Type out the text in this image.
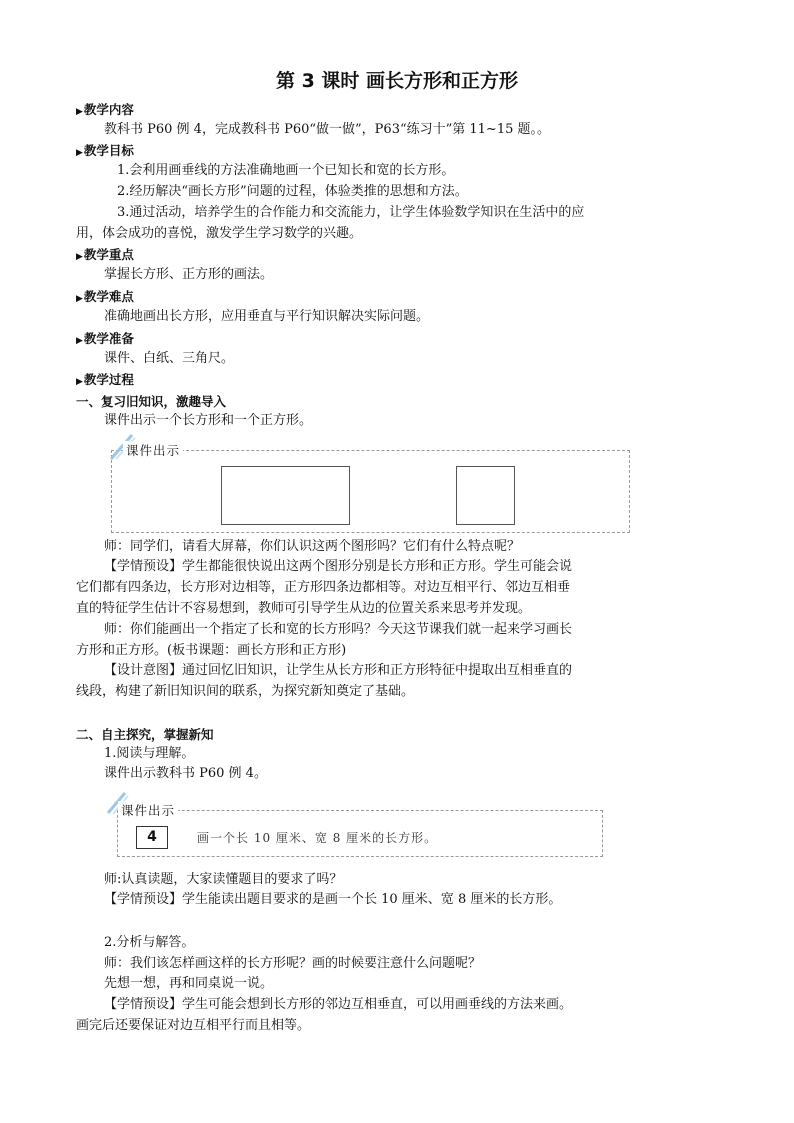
第 3 课时 画长方形和正方形
▶教学内容
教科书 P60 例 4，完成教科书 P60“做一做”，P63“练习十”第 11~15 题。。
▶教学目标
1.会利用画垂线的方法准确地画一个已知长和宽的长方形。
2.经历解决“画长方形”问题的过程，体验类推的思想和方法。
3.通过活动，培养学生的合作能力和交流能力，让学生体验数学知识在生活中的应
用，体会成功的喜悦，激发学生学习数学的兴趣。
▶教学重点
掌握长方形、正方形的画法。
▶教学难点
准确地画出长方形，应用垂直与平行知识解决实际问题。
▶教学准备
课件、白纸、三角尺。
▶教学过程
一、复习旧知识，激趣导入
课件出示一个长方形和一个正方形。
课件出示
师：同学们，请看大屏幕，你们认识这两个图形吗？它们有什么特点呢？
【学情预设】学生都能很快说出这两个图形分别是长方形和正方形。学生可能会说
它们都有四条边，长方形对边相等，正方形四条边都相等。对边互相平行、邻边互相垂
直的特征学生估计不容易想到，教师可引导学生从边的位置关系来思考并发现。
师：你们能画出一个指定了长和宽的长方形吗？今天这节课我们就一起来学习画长
方形和正方形。(板书课题：画长方形和正方形)
【设计意图】通过回忆旧知识，让学生从长方形和正方形特征中提取出互相垂直的
线段，构建了新旧知识间的联系，为探究新知奠定了基础。
二、自主探究，掌握新知
1.阅读与理解。
课件出示教科书 P60 例 4。
课件出示
4	画一个长 10 厘米、宽 8 厘米的长方形。
师:认真读题，大家读懂题目的要求了吗？
【学情预设】学生能读出题目要求的是画一个长 10 厘米、宽 8 厘米的长方形。
2.分析与解答。
师：我们该怎样画这样的长方形呢？画的时候要注意什么问题呢？
先想一想，再和同桌说一说。
【学情预设】学生可能会想到长方形的邻边互相垂直，可以用画垂线的方法来画。
画完后还要保证对边互相平行而且相等。
